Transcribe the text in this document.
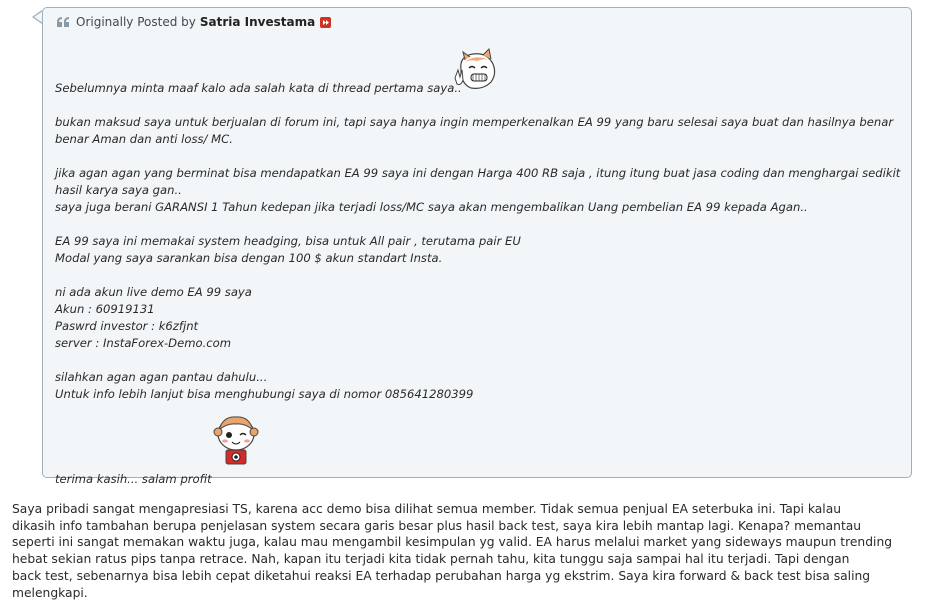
Originally Posted by Satria Investama
Sebelumnya minta maaf kalo ada salah kata di thread pertama saya..
bukan maksud saya untuk berjualan di forum ini, tapi saya hanya ingin memperkenalkan EA 99 yang baru selesai saya buat dan hasilnya benar
benar Aman dan anti loss/ MC.
jika agan agan yang berminat bisa mendapatkan EA 99 saya ini dengan Harga 400 RB saja , itung itung buat jasa coding dan menghargai sedikit
hasil karya saya gan..
saya juga berani GARANSI 1 Tahun kedepan jika terjadi loss/MC saya akan mengembalikan Uang pembelian EA 99 kepada Agan..
EA 99 saya ini memakai system headging, bisa untuk All pair , terutama pair EU
Modal yang saya sarankan bisa dengan 100 $ akun standart Insta.
ni ada akun live demo EA 99 saya
Akun : 60919131
Paswrd investor : k6zfjnt
server : InstaForex-Demo.com
silahkan agan agan pantau dahulu...
Untuk info lebih lanjut bisa menghubungi saya di nomor 085641280399
terima kasih... salam profit
Saya pribadi sangat mengapresiasi TS, karena acc demo bisa dilihat semua member. Tidak semua penjual EA seterbuka ini. Tapi kalau
dikasih info tambahan berupa penjelasan system secara garis besar plus hasil back test, saya kira lebih mantap lagi. Kenapa? memantau
seperti ini sangat memakan waktu juga, kalau mau mengambil kesimpulan yg valid. EA harus melalui market yang sideways maupun trending
hebat sekian ratus pips tanpa retrace. Nah, kapan itu terjadi kita tidak pernah tahu, kita tunggu saja sampai hal itu terjadi. Tapi dengan
back test, sebenarnya bisa lebih cepat diketahui reaksi EA terhadap perubahan harga yg ekstrim. Saya kira forward & back test bisa saling
melengkapi.
